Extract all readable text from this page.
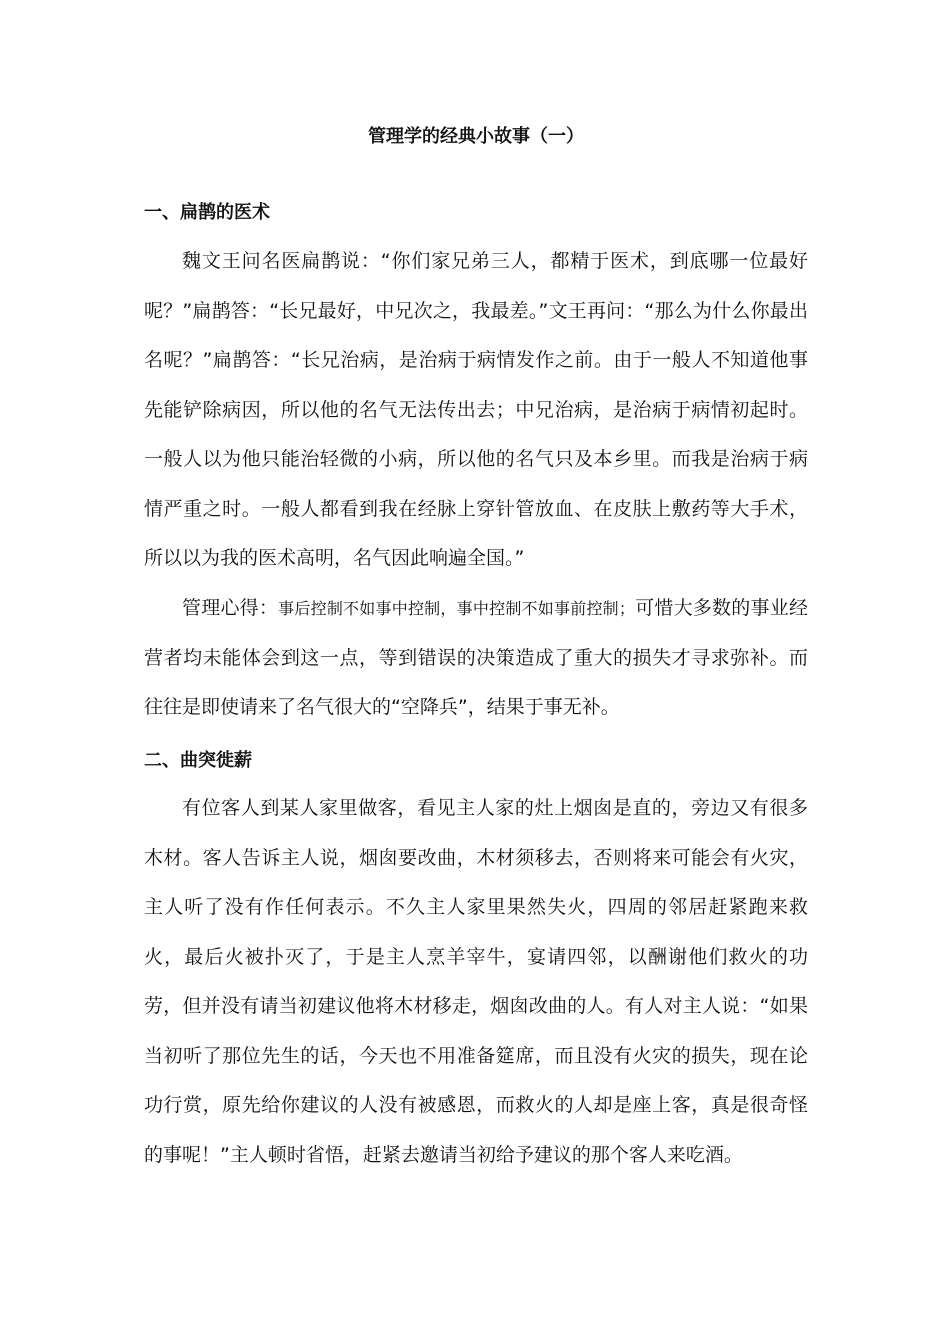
管理学的经典小故事（一）
一、扁鹊的医术

魏文王问名医扁鹊说：“你们家兄弟三人，都精于医术，到底哪一位最好呢？”扁鹊答：“长兄最好，中兄次之，我最差。”文王再问：“那么为什么你最出名呢？”扁鹊答：“长兄治病，是治病于病情发作之前。由于一般人不知道他事先能铲除病因，所以他的名气无法传出去；中兄治病，是治病于病情初起时。一般人以为他只能治轻微的小病，所以他的名气只及本乡里。而我是治病于病情严重之时。一般人都看到我在经脉上穿针管放血、在皮肤上敷药等大手术，所以以为我的医术高明，名气因此响遍全国。”

管理心得：事后控制不如事中控制，事中控制不如事前控制；可惜大多数的事业经营者均未能体会到这一点，等到错误的决策造成了重大的损失才寻求弥补。而往往是即使请来了名气很大的“空降兵”，结果于事无补。

二、曲突徙薪

有位客人到某人家里做客，看见主人家的灶上烟囱是直的，旁边又有很多木材。客人告诉主人说，烟囱要改曲，木材须移去，否则将来可能会有火灾，主人听了没有作任何表示。不久主人家里果然失火，四周的邻居赶紧跑来救火，最后火被扑灭了，于是主人烹羊宰牛，宴请四邻，以酬谢他们救火的功劳，但并没有请当初建议他将木材移走，烟囱改曲的人。有人对主人说：“如果当初听了那位先生的话，今天也不用准备筵席，而且没有火灾的损失，现在论功行赏，原先给你建议的人没有被感恩，而救火的人却是座上客，真是很奇怪的事呢！”主人顿时省悟，赶紧去邀请当初给予建议的那个客人来吃酒。
